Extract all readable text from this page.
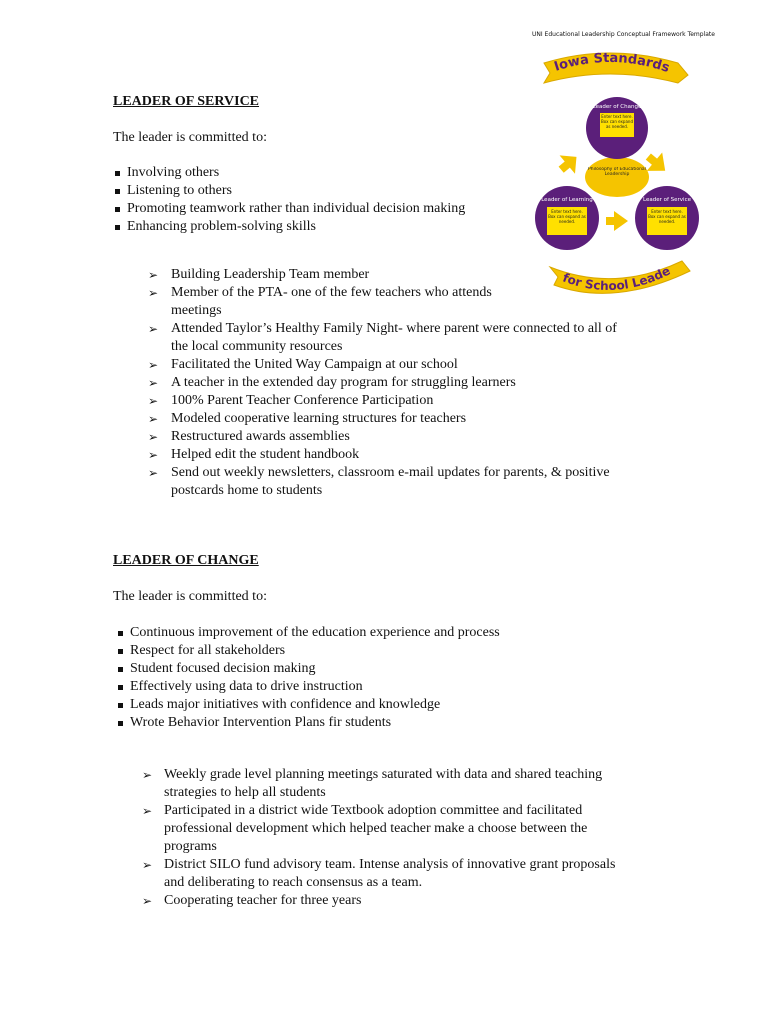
UNI Educational Leadership Conceptual Framework Template
Iowa Standards
Philosophy of Educational Leadership
Leader of Change
Enter text here. Box can expand as needed.
Leader of Learning
Enter text here. Box can expand as needed.
Leader of Service
Enter text here. Box can expand as needed.
for School Leade
LEADER OF SERVICE
The leader is committed to:
Involving others
Listening to others
Promoting teamwork rather than individual decision making
Enhancing problem-solving skills
➢ Building Leadership Team member
➢ Member of the PTA- one of the few teachers who attends
meetings
➢ Attended Taylor’s Healthy Family Night- where parent were connected to all of
the local community resources
➢ Facilitated the United Way Campaign at our school
➢ A teacher in the extended day program for struggling learners
➢ 100% Parent Teacher Conference Participation
➢ Modeled cooperative learning structures for teachers
➢ Restructured awards assemblies
➢ Helped edit the student handbook
➢ Send out weekly newsletters, classroom e-mail updates for parents, & positive
postcards home to students
LEADER OF CHANGE
The leader is committed to:
Continuous improvement of the education experience and process
Respect for all stakeholders
Student focused decision making
Effectively using data to drive instruction
Leads major initiatives with confidence and knowledge
Wrote Behavior Intervention Plans fir students
➢ Weekly grade level planning meetings saturated with data and shared teaching
strategies to help all students
➢ Participated in a district wide Textbook adoption committee and facilitated
professional development which helped teacher make a choose between the
programs
➢ District SILO fund advisory team. Intense analysis of innovative grant proposals
and deliberating to reach consensus as a team.
➢ Cooperating teacher for three years
